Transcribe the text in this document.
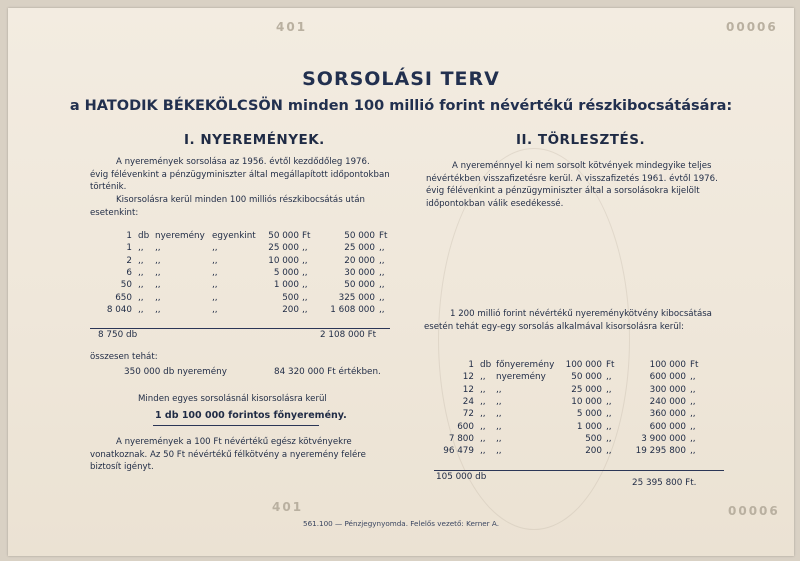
00006
00006
401
401
SORSOLÁSI TERV
a HATODIK BÉKEKÖLCSÖN minden 100 millió forint névértékű részkibocsátására:
I. NYEREMÉNYEK.
A nyeremények sorsolása az 1956. évtől kezdődőleg 1976. évig félévenkint a pénzügyminiszter által megállapított időpontokban történik.
Kisorsolásra kerül minden 100 milliós részkibocsátás után esetenkint:
1 db nyeremény egyenkint	50 000 Ft	50 000 Ft
1 ,, ,,	,,	25 000 ,,	25 000 ,,
2 ,, ,,	,,	10 000 ,,	20 000 ,,
6 ,, ,,	,,	5 000 ,,	30 000 ,,
50 ,, ,,	,,	1 000 ,,	50 000 ,,
650 ,, ,,	,,	500 ,,	325 000 ,,
8 040 ,, ,,	,,	200 ,,	1 608 000 ,,
8 750 db	2 108 000 Ft
összesen tehát:
350 000 db nyeremény	84 320 000 Ft értékben.
Minden egyes sorsolásnál kisorsolásra kerül
1 db 100 000 forintos főnyeremény.
A nyeremények a 100 Ft névértékű egész kötvényekre vonatkoznak. Az 50 Ft névértékű félkötvény a nyeremény felére biztosít igényt.
II. TÖRLESZTÉS.
A nyereménnyel ki nem sorsolt kötvények mindegyike teljes névértékben visszafizetésre kerül. A visszafizetés 1961. évtől 1976. évig félévenkint a pénzügyminiszter által a sorsolásokra kijelölt időpontokban válik esedékessé.
1 200 millió forint névértékű nyereménykötvény kibocsátása esetén tehát egy-egy sorsolás alkalmával kisorsolásra kerül:
1 db főnyeremény	100 000 Ft	100 000 Ft
12 ,, nyeremény	50 000 ,,	600 000 ,,
12 ,, ,,	25 000 ,,	300 000 ,,
24 ,, ,,	10 000 ,,	240 000 ,,
72 ,, ,,	5 000 ,,	360 000 ,,
600 ,, ,,	1 000 ,,	600 000 ,,
7 800 ,, ,,	500 ,,	3 900 000 ,,
96 479 ,, ,,	200 ,,	19 295 800 ,,
105 000 db
25 395 800 Ft.
561.100 — Pénzjegynyomda. Felelős vezető: Kerner A.
